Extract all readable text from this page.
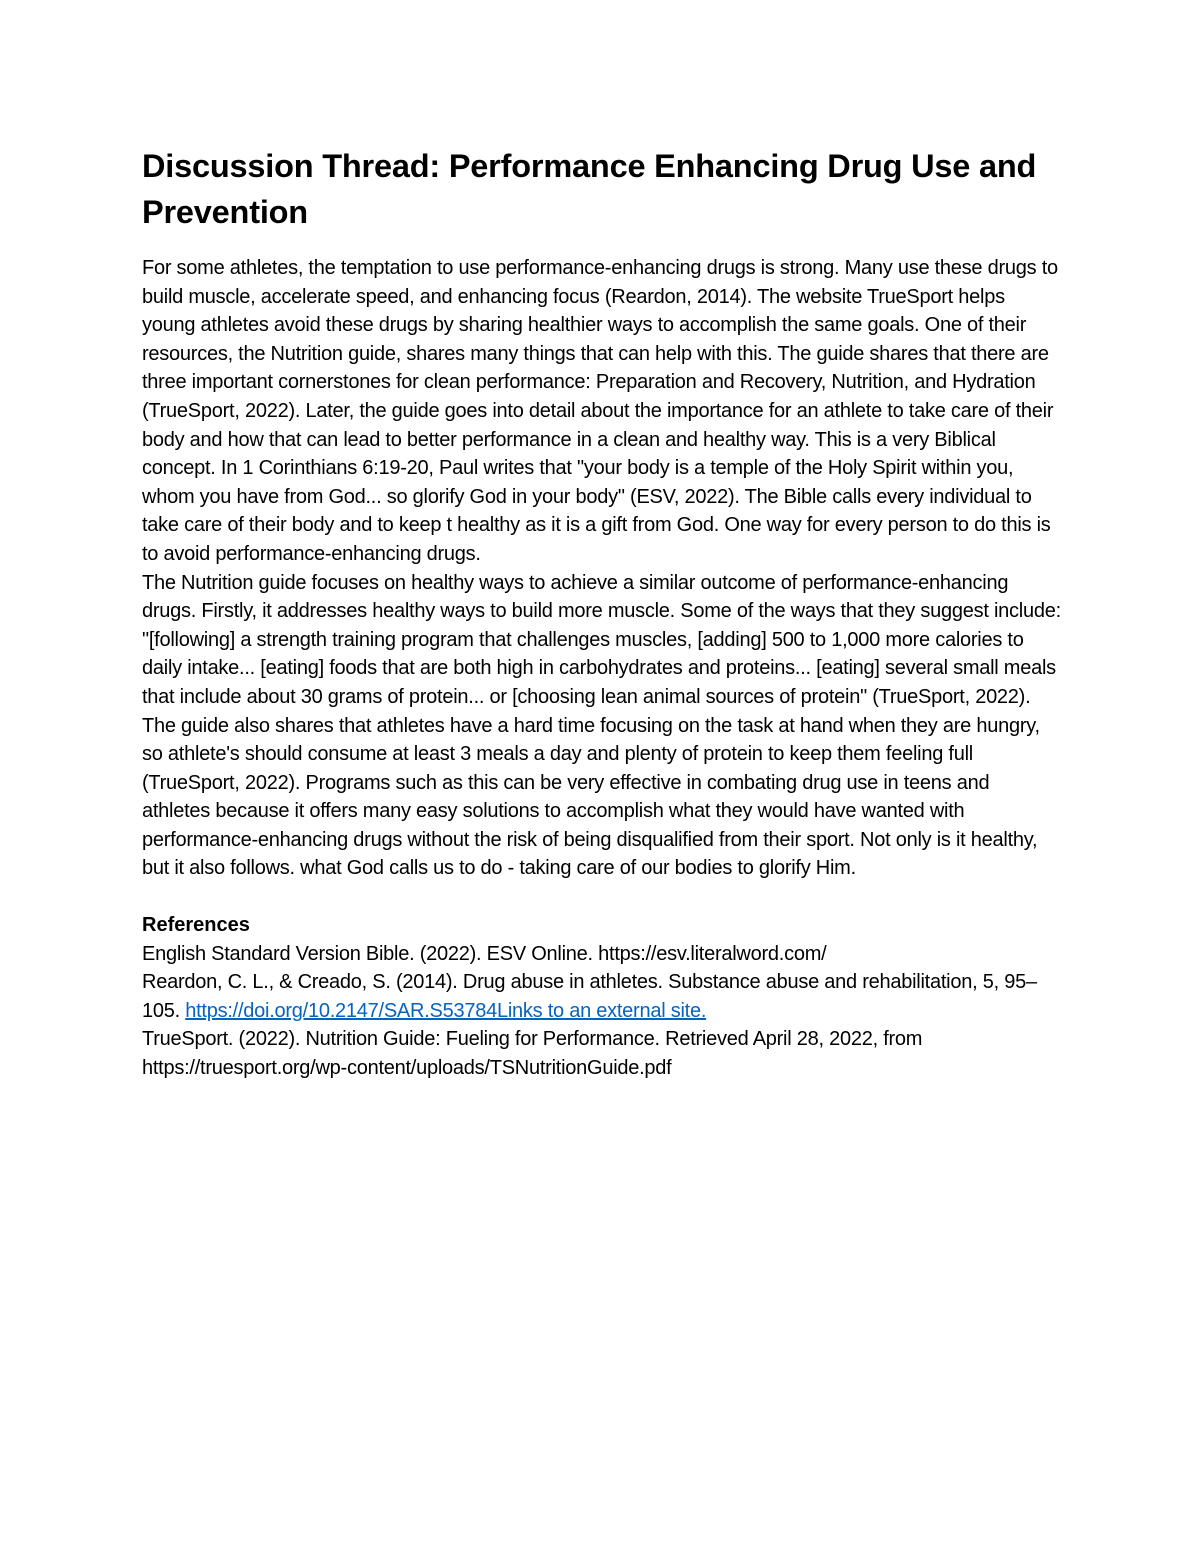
Discussion Thread: Performance Enhancing Drug Use and Prevention

For some athletes, the temptation to use performance-enhancing drugs is strong. Many use these drugs to build muscle, accelerate speed, and enhancing focus (Reardon, 2014). The website TrueSport helps young athletes avoid these drugs by sharing healthier ways to accomplish the same goals. One of their resources, the Nutrition guide, shares many things that can help with this. The guide shares that there are three important cornerstones for clean performance: Preparation and Recovery, Nutrition, and Hydration (TrueSport, 2022). Later, the guide goes into detail about the importance for an athlete to take care of their body and how that can lead to better performance in a clean and healthy way. This is a very Biblical concept. In 1 Corinthians 6:19-20, Paul writes that "your body is a temple of the Holy Spirit within you, whom you have from God... so glorify God in your body" (ESV, 2022). The Bible calls every individual to take care of their body and to keep t healthy as it is a gift from God. One way for every person to do this is to avoid performance-enhancing drugs.

The Nutrition guide focuses on healthy ways to achieve a similar outcome of performance-enhancing drugs. Firstly, it addresses healthy ways to build more muscle. Some of the ways that they suggest include: "[following] a strength training program that challenges muscles, [adding] 500 to 1,000 more calories to daily intake... [eating] foods that are both high in carbohydrates and proteins... [eating] several small meals that include about 30 grams of protein... or [choosing lean animal sources of protein" (TrueSport, 2022). The guide also shares that athletes have a hard time focusing on the task at hand when they are hungry, so athlete's should consume at least 3 meals a day and plenty of protein to keep them feeling full (TrueSport, 2022). Programs such as this can be very effective in combating drug use in teens and athletes because it offers many easy solutions to accomplish what they would have wanted with performance-enhancing drugs without the risk of being disqualified from their sport. Not only is it healthy, but it also follows. what God calls us to do - taking care of our bodies to glorify Him.

References

English Standard Version Bible. (2022). ESV Online. https://esv.literalword.com/

Reardon, C. L., & Creado, S. (2014). Drug abuse in athletes. Substance abuse and rehabilitation, 5, 95–105. https://doi.org/10.2147/SAR.S53784Links to an external site.

TrueSport. (2022). Nutrition Guide: Fueling for Performance. Retrieved April 28, 2022, from https://truesport.org/wp-content/uploads/TSNutritionGuide.pdf
